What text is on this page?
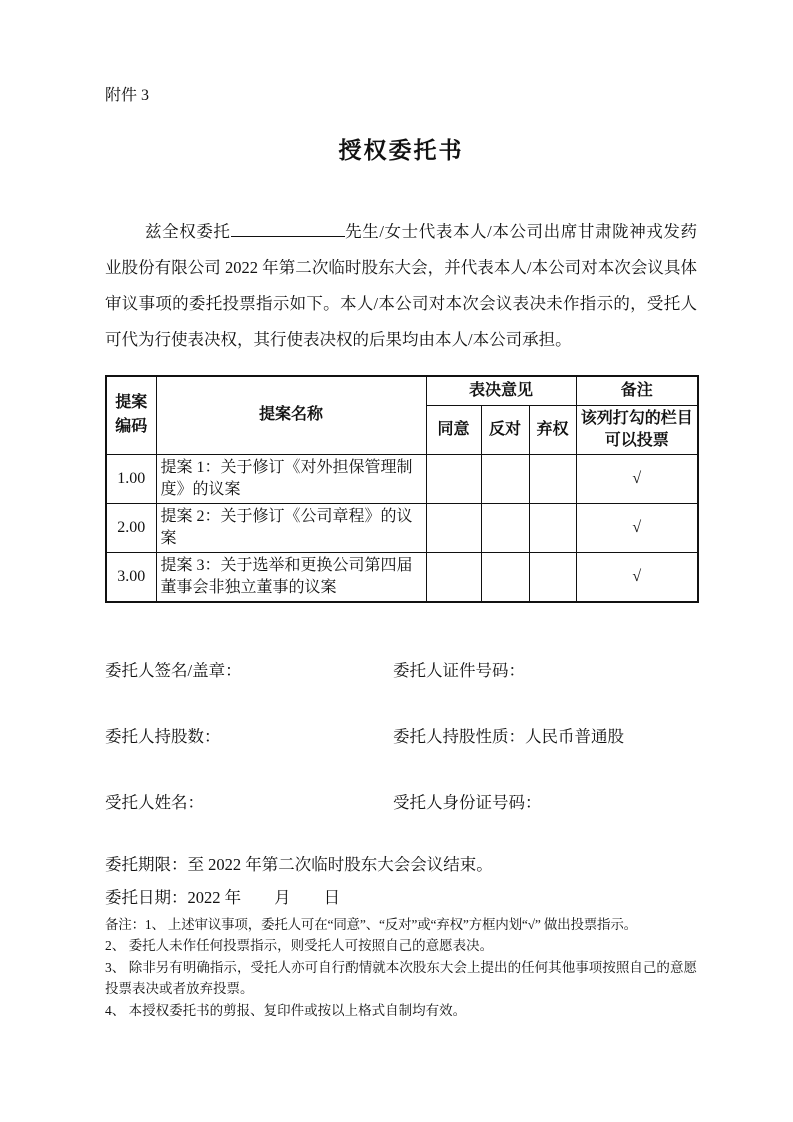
附件 3
授权委托书

兹全权委托	先生/女士代表本人/本公司出席甘肃陇神戎发药业股份有限公司 2022 年第二次临时股东大会，并代表本人/本公司对本次会议具体审议事项的委托投票指示如下。本人/本公司对本次会议表决未作指示的，受托人可代为行使表决权，其行使表决权的后果均由本人/本公司承担。

提案编码	提案名称	表决意见			备注
		同意	反对	弃权	该列打勾的栏目可以投票
1.00	提案 1：关于修订《对外担保管理制度》的议案				√
2.00	提案 2：关于修订《公司章程》的议案				√
3.00	提案 3：关于选举和更换公司第四届董事会非独立董事的议案				√
委托人签名/盖章：	委托人证件号码：
委托人持股数：	委托人持股性质：人民币普通股
受托人姓名：	受托人身份证号码：
委托期限：至 2022 年第二次临时股东大会会议结束。
委托日期：2022 年　　月　　日

备注：1、 上述审议事项，委托人可在“同意”、“反对”或“弃权”方框内划“√” 做出投票指示。

2、 委托人未作任何投票指示，则受托人可按照自己的意愿表决。

3、 除非另有明确指示，受托人亦可自行酌情就本次股东大会上提出的任何其他事项按照自己的意愿投票表决或者放弃投票。

4、 本授权委托书的剪报、复印件或按以上格式自制均有效。
